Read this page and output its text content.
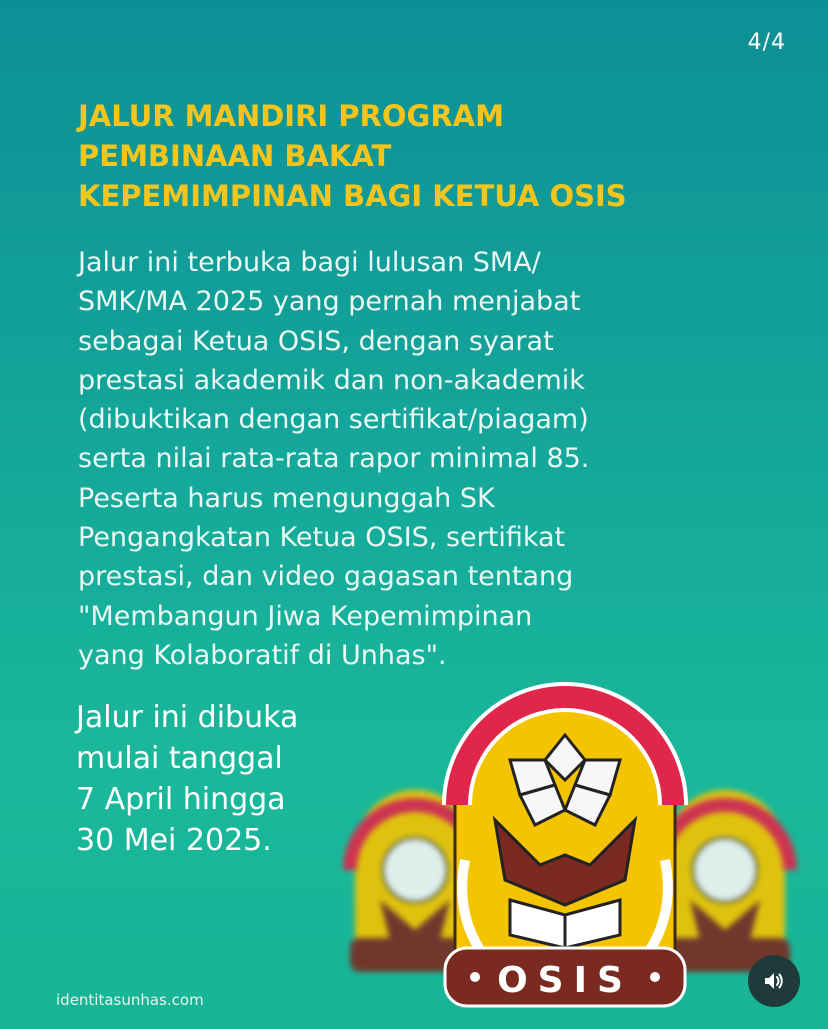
4/4
JALUR MANDIRI PROGRAM
PEMBINAAN BAKAT
KEPEMIMPINAN BAGI KETUA OSIS

Jalur ini terbuka bagi lulusan SMA/
SMK/MA 2025 yang pernah menjabat
sebagai Ketua OSIS, dengan syarat
prestasi akademik dan non-akademik
(dibuktikan dengan sertifikat/piagam)
serta nilai rata-rata rapor minimal 85.
Peserta harus mengunggah SK
Pengangkatan Ketua OSIS, sertifikat
prestasi, dan video gagasan tentang
"Membangun Jiwa Kepemimpinan
yang Kolaboratif di Unhas".

Jalur ini dibuka
mulai tanggal
7 April hingga
30 Mei 2025.

OSIS
identitasunhas.com
